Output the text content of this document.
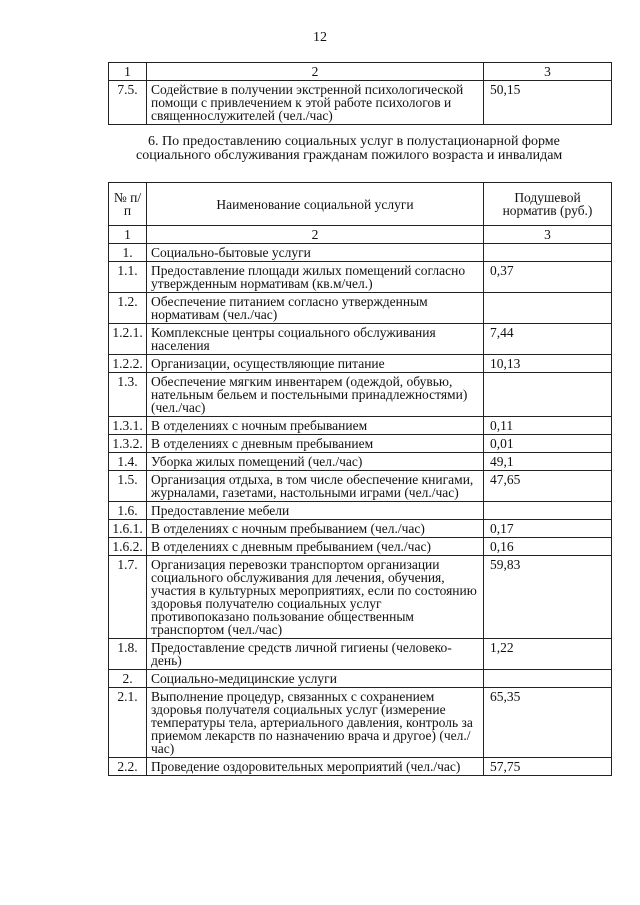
12
1	2	3
7.5.	Содействие в получении экстренной психологической помощи с привлечением к этой работе психологов и священнослужителей (чел./час)	50,15
6. По предоставлению социальных услуг в полустационарной форме социального обслуживания гражданам пожилого возраста и инвалидам
№ п/п	Наименование социальной услуги	Подушевой норматив (руб.)
1	2	3
1.	Социально-бытовые услуги	
1.1.	Предоставление площади жилых помещений согласно утвержденным нормативам (кв.м/чел.)	0,37
1.2.	Обеспечение питанием согласно утвержденным нормативам (чел./час)	
1.2.1.	Комплексные центры социального обслуживания населения	7,44
1.2.2.	Организации, осуществляющие питание	10,13
1.3.	Обеспечение мягким инвентарем (одеждой, обувью, нательным бельем и постельными принадлежностями) (чел./час)	
1.3.1.	В отделениях с ночным пребыванием	0,11
1.3.2.	В отделениях с дневным пребыванием	0,01
1.4.	Уборка жилых помещений (чел./час)	49,1
1.5.	Организация отдыха, в том числе обеспечение книгами, журналами, газетами, настольными играми (чел./час)	47,65
1.6.	Предоставление мебели	
1.6.1.	В отделениях с ночным пребыванием (чел./час)	0,17
1.6.2.	В отделениях с дневным пребыванием (чел./час)	0,16
1.7.	Организация перевозки транспортом организации социального обслуживания для лечения, обучения, участия в культурных мероприятиях, если по состоянию здоровья получателю социальных услуг противопоказано пользование общественным транспортом (чел./час)	59,83
1.8.	Предоставление средств личной гигиены (человеко-день)	1,22
2.	Социально-медицинские услуги	
2.1.	Выполнение процедур, связанных с сохранением здоровья получателя социальных услуг (измерение температуры тела, артериального давления, контроль за приемом лекарств по назначению врача и другое) (чел./час)	65,35
2.2.	Проведение оздоровительных мероприятий (чел./час)	57,75
